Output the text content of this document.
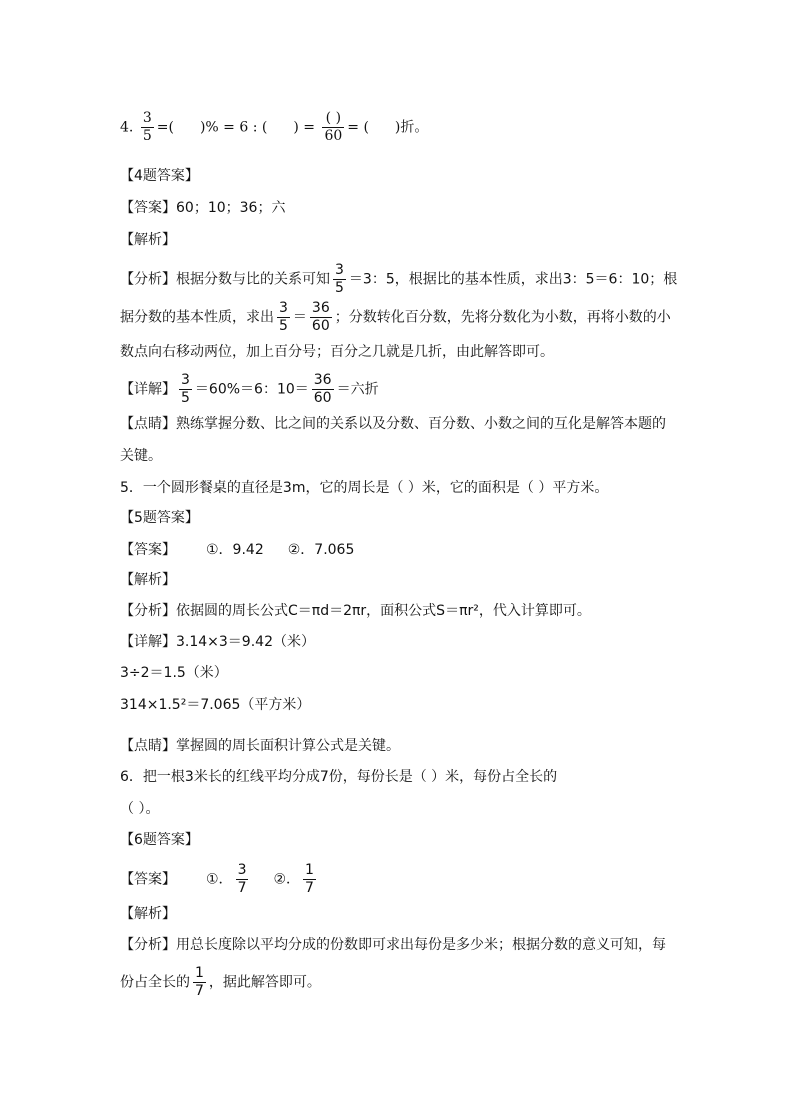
4. $\frac{3}{5}$ =( )% = 6 : ( ) = $\frac{( )}{60}$ = ( )折。
【4题答案】
【答案】60；10；36；六
【解析】
【分析】根据分数与比的关系可知 $\frac{3}{5} =3$：5，根据比的基本性质，求出3：5＝6：10；根
据分数的基本性质，求出 $\frac{3}{5} = \frac{36}{60}$ ；分数转化百分数，先将分数化为小数，再将小数的小
数点向右移动两位，加上百分号；百分之几就是几折，由此解答即可。
【详解】 $\frac{3}{5} =60\%=6$：$10= \frac{36}{60}$ ＝六折
【点睛】熟练掌握分数、比之间的关系以及分数、百分数、小数之间的互化是解答本题的
关键。
5．一个圆形餐桌的直径是3m，它的周长是（ ）米，它的面积是（ ）平方米。
【5题答案】
【答案】 ①．9.42 ②．7.065
【解析】
【分析】依据圆的周长公式C＝πd＝2πr，面积公式S＝πr²，代入计算即可。
【详解】3.14×3＝9.42（米）
3÷2＝1.5（米）
314×1.5²＝7.065（平方米）
【点睛】掌握圆的周长面积计算公式是关键。
6．把一根3米长的红线平均分成7份，每份长是（ ）米，每份占全长的
（ ）。
【6题答案】
【答案】 ①． $\frac{3}{7}$ ②． $\frac{1}{7}$
【解析】
【分析】用总长度除以平均分成的份数即可求出每份是多少米；根据分数的意义可知，每
份占全长的 $\frac{1}{7}$ ，据此解答即可。
